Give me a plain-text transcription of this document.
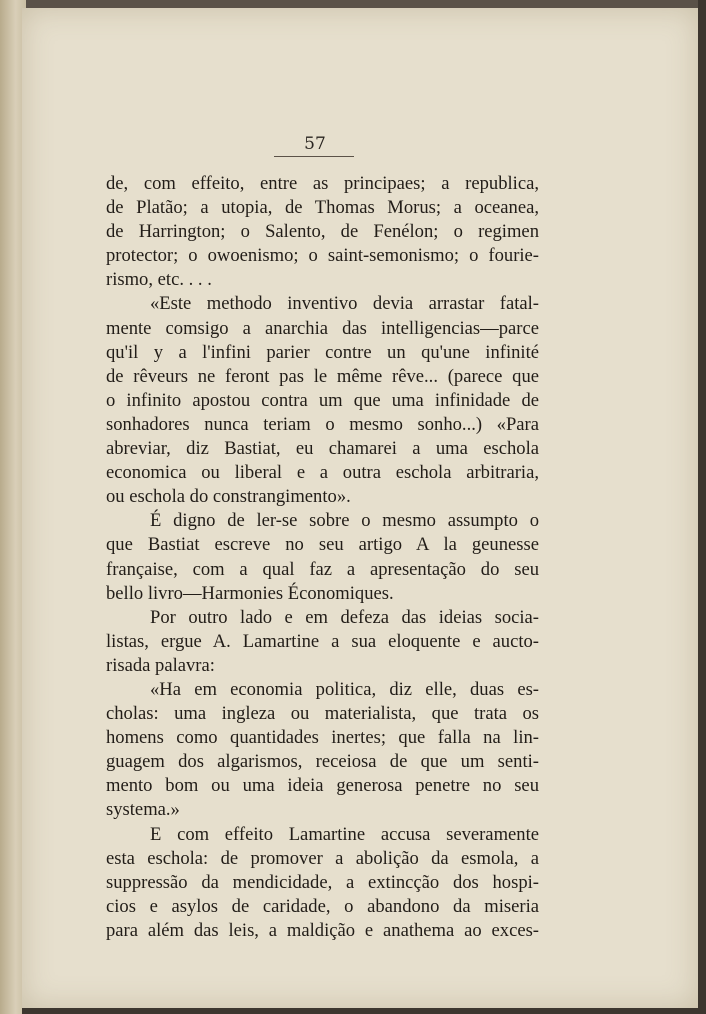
57
de, com effeito, entre as principaes; a republica,
de Platão; a utopia, de Thomas Morus; a oceanea,
de Harrington; o Salento, de Fenélon; o regimen
protector; o owoenismo; o saint-semonismo; o fourie-
rismo, etc. . . .
«Este methodo inventivo devia arrastar fatal-
mente comsigo a anarchia das intelligencias—parce
qu'il y a l'infini parier contre un qu'une infinité
de rêveurs ne feront pas le même rêve... (parece que
o infinito apostou contra um que uma infinidade de
sonhadores nunca teriam o mesmo sonho...) «Para
abreviar, diz Bastiat, eu chamarei a uma eschola
economica ou liberal e a outra eschola arbitraria,
ou eschola do constrangimento».
É digno de ler-se sobre o mesmo assumpto o
que Bastiat escreve no seu artigo A la geunesse
française, com a qual faz a apresentação do seu
bello livro—Harmonies Économiques.
Por outro lado e em defeza das ideias socia-
listas, ergue A. Lamartine a sua eloquente e aucto-
risada palavra:
«Ha em economia politica, diz elle, duas es-
cholas: uma ingleza ou materialista, que trata os
homens como quantidades inertes; que falla na lin-
guagem dos algarismos, receiosa de que um senti-
mento bom ou uma ideia generosa penetre no seu
systema.»
E com effeito Lamartine accusa severamente
esta eschola: de promover a abolição da esmola, a
suppressão da mendicidade, a extincção dos hospi-
cios e asylos de caridade, o abandono da miseria
para além das leis, a maldição e anathema ao exces-
